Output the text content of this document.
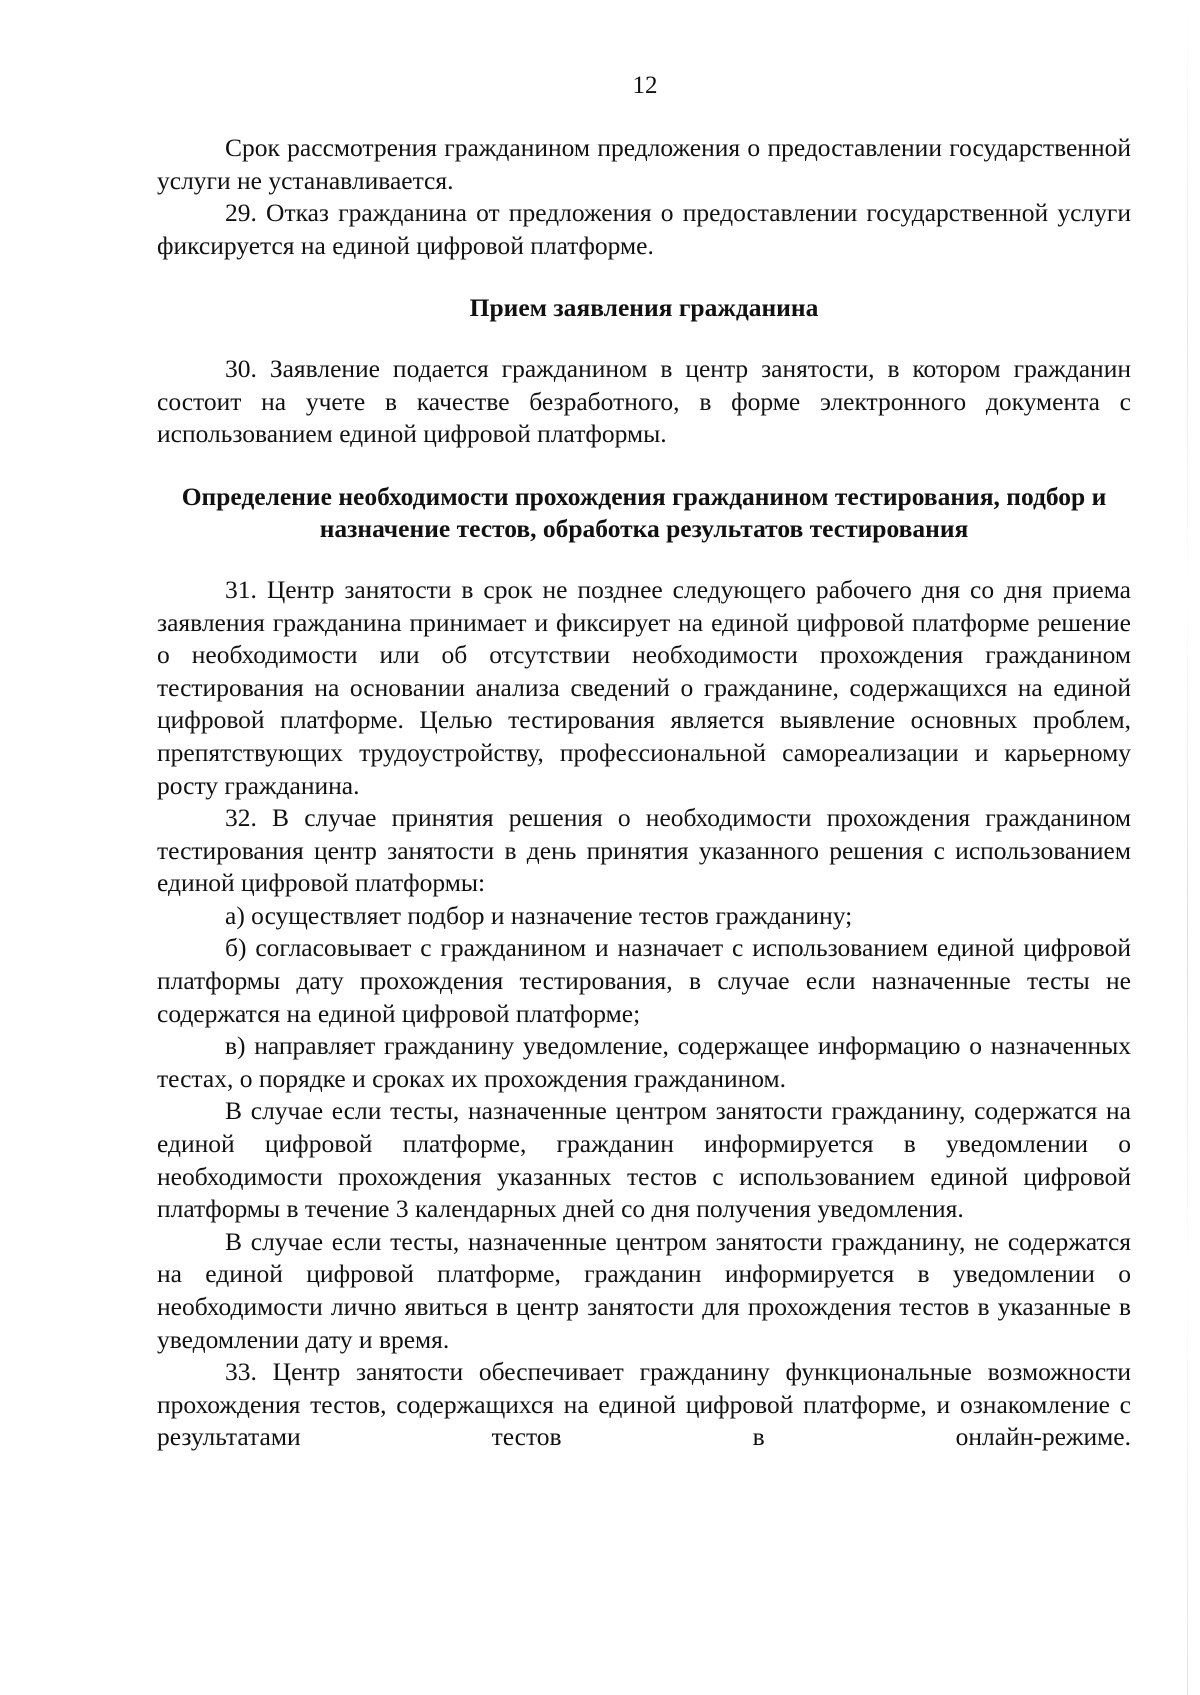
12

Срок рассмотрения гражданином предложения о предоставлении государственной услуги не устанавливается.

29. Отказ гражданина от предложения о предоставлении государственной услуги фиксируется на единой цифровой платформе.

Прием заявления гражданина

30. Заявление подается гражданином в центр занятости, в котором гражданин состоит на учете в качестве безработного, в форме электронного документа с использованием единой цифровой платформы.

Определение необходимости прохождения гражданином тестирования, подбор и назначение тестов, обработка результатов тестирования

31. Центр занятости в срок не позднее следующего рабочего дня со дня приема заявления гражданина принимает и фиксирует на единой цифровой платформе решение о необходимости или об отсутствии необходимости прохождения гражданином тестирования на основании анализа сведений о гражданине, содержащихся на единой цифровой платформе. Целью тестирования является выявление основных проблем, препятствующих трудоустройству, профессиональной самореализации и карьерному росту гражданина.

32. В случае принятия решения о необходимости прохождения гражданином тестирования центр занятости в день принятия указанного решения с использованием единой цифровой платформы:

а) осуществляет подбор и назначение тестов гражданину;

б) согласовывает с гражданином и назначает с использованием единой цифровой платформы дату прохождения тестирования, в случае если назначенные тесты не содержатся на единой цифровой платформе;

в) направляет гражданину уведомление, содержащее информацию о назначенных тестах, о порядке и сроках их прохождения гражданином.

В случае если тесты, назначенные центром занятости гражданину, содержатся на единой цифровой платформе, гражданин информируется в уведомлении о необходимости прохождения указанных тестов с использованием единой цифровой платформы в течение 3 календарных дней со дня получения уведомления.

В случае если тесты, назначенные центром занятости гражданину, не содержатся на единой цифровой платформе, гражданин информируется в уведомлении о необходимости лично явиться в центр занятости для прохождения тестов в указанные в уведомлении дату и время.

33. Центр занятости обеспечивает гражданину функциональные возможности прохождения тестов, содержащихся на единой цифровой платформе, и ознакомление с результатами тестов в онлайн-режиме.
